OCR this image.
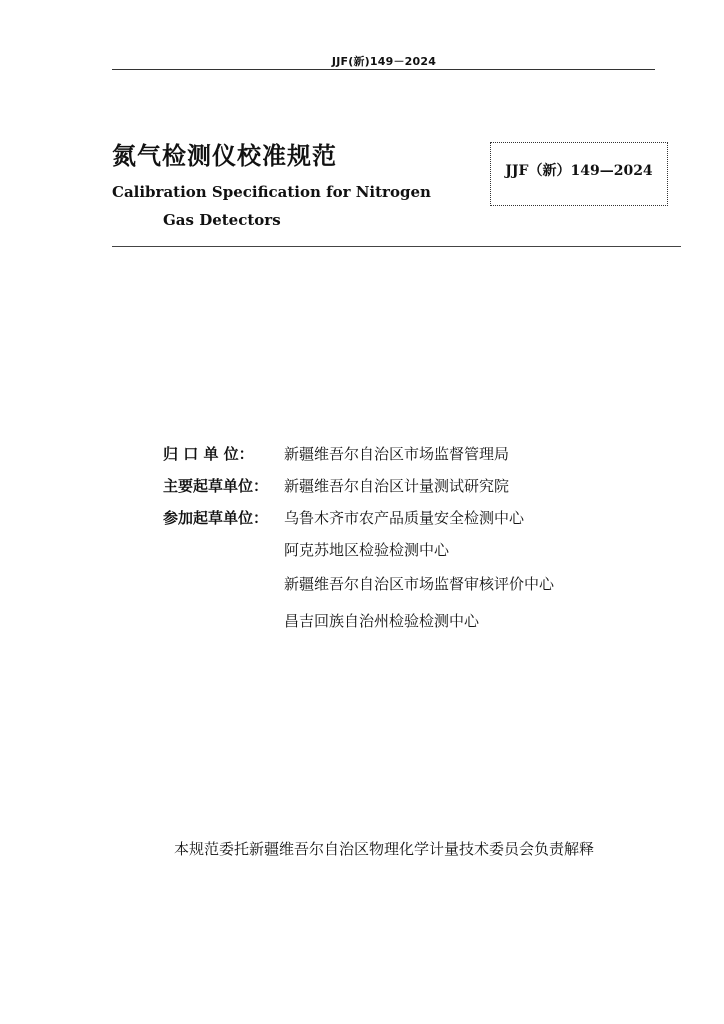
JJF(新)149－2024
氮气检测仪校准规范
Calibration Specification for Nitrogen
Gas Detectors
JJF（新）149—2024
归 口 单 位：	新疆维吾尔自治区市场监督管理局
主要起草单位：	新疆维吾尔自治区计量测试研究院
参加起草单位：	乌鲁木齐市农产品质量安全检测中心
阿克苏地区检验检测中心
新疆维吾尔自治区市场监督审核评价中心
昌吉回族自治州检验检测中心
本规范委托新疆维吾尔自治区物理化学计量技术委员会负责解释
